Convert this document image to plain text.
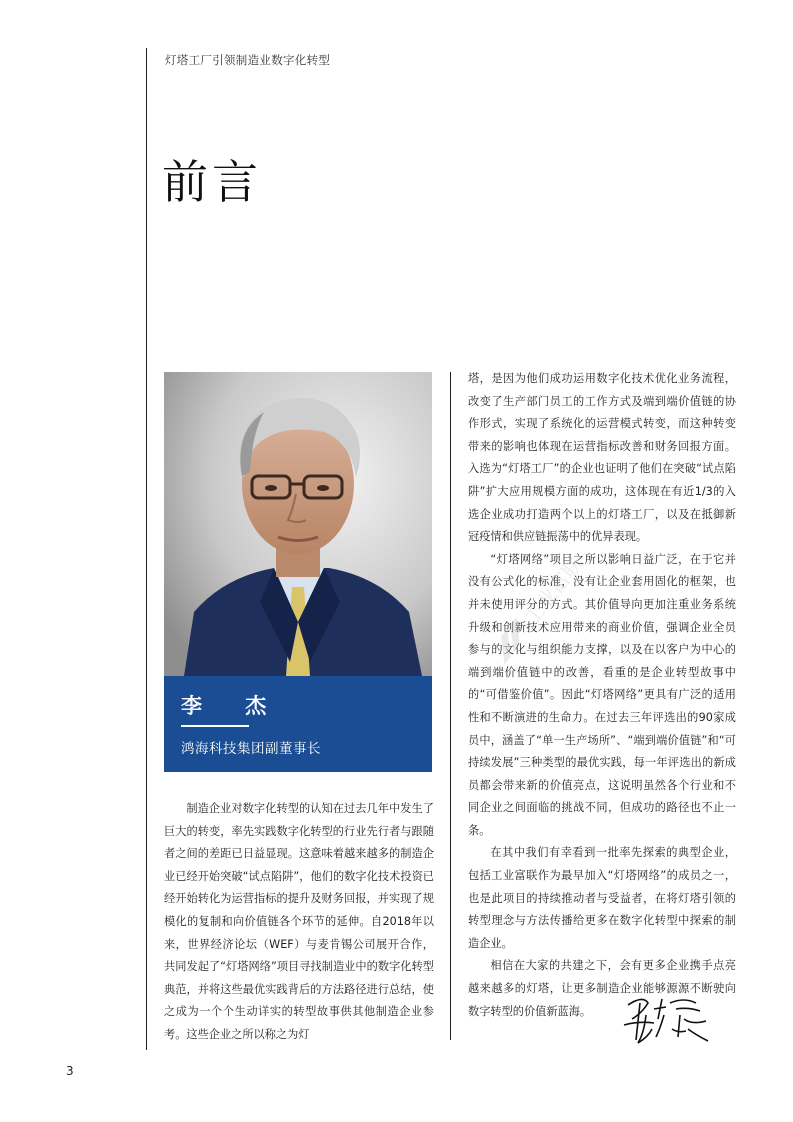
灯塔工厂引领制造业数字化转型
前言
李 杰
鸿海科技集团副董事长

制造企业对数字化转型的认知在过去几年中发生了巨大的转变，率先实践数字化转型的行业先行者与跟随者之间的差距已日益显现。这意味着越来越多的制造企业已经开始突破“试点陷阱”，他们的数字化技术投资已经开始转化为运营指标的提升及财务回报，并实现了规模化的复制和向价值链各个环节的延伸。自2018年以来，世界经济论坛（WEF）与麦肯锡公司展开合作，共同发起了“灯塔网络”项目寻找制造业中的数字化转型典范，并将这些最优实践背后的方法路径进行总结，使之成为一个个生动详实的转型故事供其他制造企业参考。这些企业之所以称之为灯

塔，是因为他们成功运用数字化技术优化业务流程，改变了生产部门员工的工作方式及端到端价值链的协作形式，实现了系统化的运营模式转变，而这种转变带来的影响也体现在运营指标改善和财务回报方面。入选为“灯塔工厂”的企业也证明了他们在突破“试点陷阱”扩大应用规模方面的成功，这体现在有近1/3的入选企业成功打造两个以上的灯塔工厂，以及在抵御新冠疫情和供应链振荡中的优异表现。

“灯塔网络”项目之所以影响日益广泛，在于它并没有公式化的标准，没有让企业套用固化的框架，也并未使用评分的方式。其价值导向更加注重业务系统升级和创新技术应用带来的商业价值，强调企业全员参与的文化与组织能力支撑，以及在以客户为中心的端到端价值链中的改善，看重的是企业转型故事中的“可借鉴价值”。因此“灯塔网络”更具有广泛的适用性和不断演进的生命力。在过去三年评选出的90家成员中，涵盖了“单一生产场所”、“端到端价值链”和“可持续发展”三种类型的最优实践，每一年评选出的新成员都会带来新的价值亮点，这说明虽然各个行业和不同企业之间面临的挑战不同，但成功的路径也不止一条。

在其中我们有幸看到一批率先探索的典型企业，包括工业富联作为最早加入“灯塔网络”的成员之一，也是此项目的持续推动者与受益者，在将灯塔引领的转型理念与方法传播给更多在数字化转型中探索的制造企业。

相信在大家的共建之下，会有更多企业携手点亮越来越多的灯塔，让更多制造企业能够源源不断驶向数字转型的价值新蓝海。

工业富联
3
